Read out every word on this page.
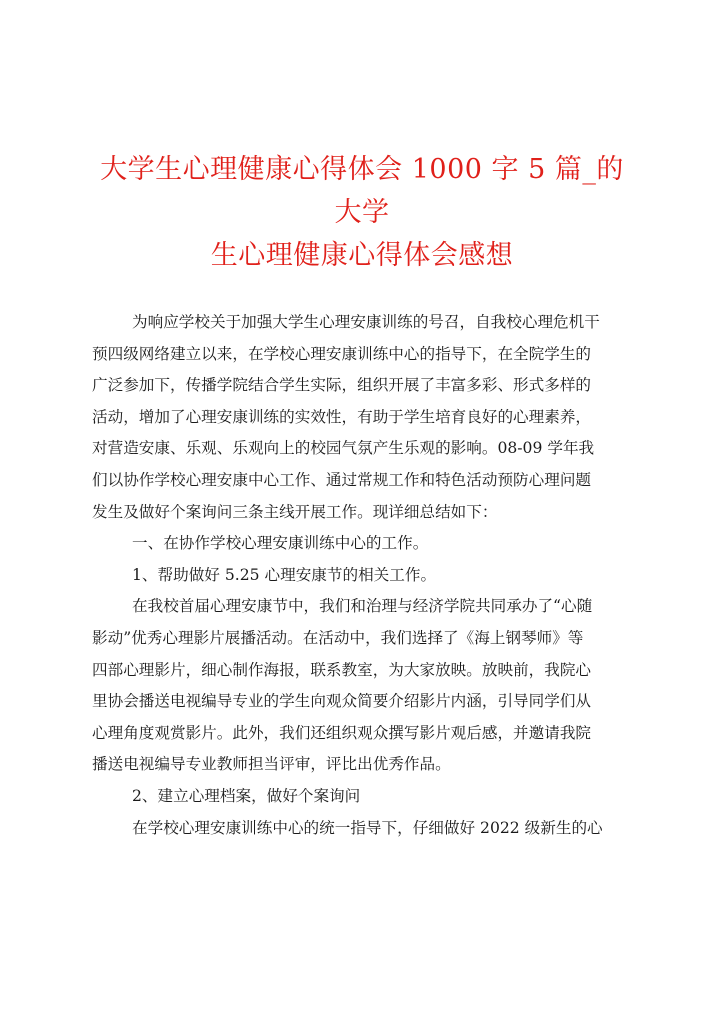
大学生心理健康心得体会 1000 字 5 篇_的大学
生心理健康心得体会感想

为响应学校关于加强大学生心理安康训练的号召，自我校心理危机干
预四级网络建立以来，在学校心理安康训练中心的指导下，在全院学生的
广泛参加下，传播学院结合学生实际，组织开展了丰富多彩、形式多样的
活动，增加了心理安康训练的实效性，有助于学生培育良好的心理素养，
对营造安康、乐观、乐观向上的校园气氛产生乐观的影响。08-09 学年我
们以协作学校心理安康中心工作、通过常规工作和特色活动预防心理问题
发生及做好个案询问三条主线开展工作。现详细总结如下：

一、在协作学校心理安康训练中心的工作。

1、帮助做好 5.25 心理安康节的相关工作。

在我校首届心理安康节中，我们和治理与经济学院共同承办了“心随
影动”优秀心理影片展播活动。在活动中，我们选择了《海上钢琴师》等
四部心理影片，细心制作海报，联系教室，为大家放映。放映前，我院心
里协会播送电视编导专业的学生向观众简要介绍影片内涵，引导同学们从
心理角度观赏影片。此外，我们还组织观众撰写影片观后感，并邀请我院
播送电视编导专业教师担当评审，评比出优秀作品。

2、建立心理档案，做好个案询问

在学校心理安康训练中心的统一指导下，仔细做好 2022 级新生的心
